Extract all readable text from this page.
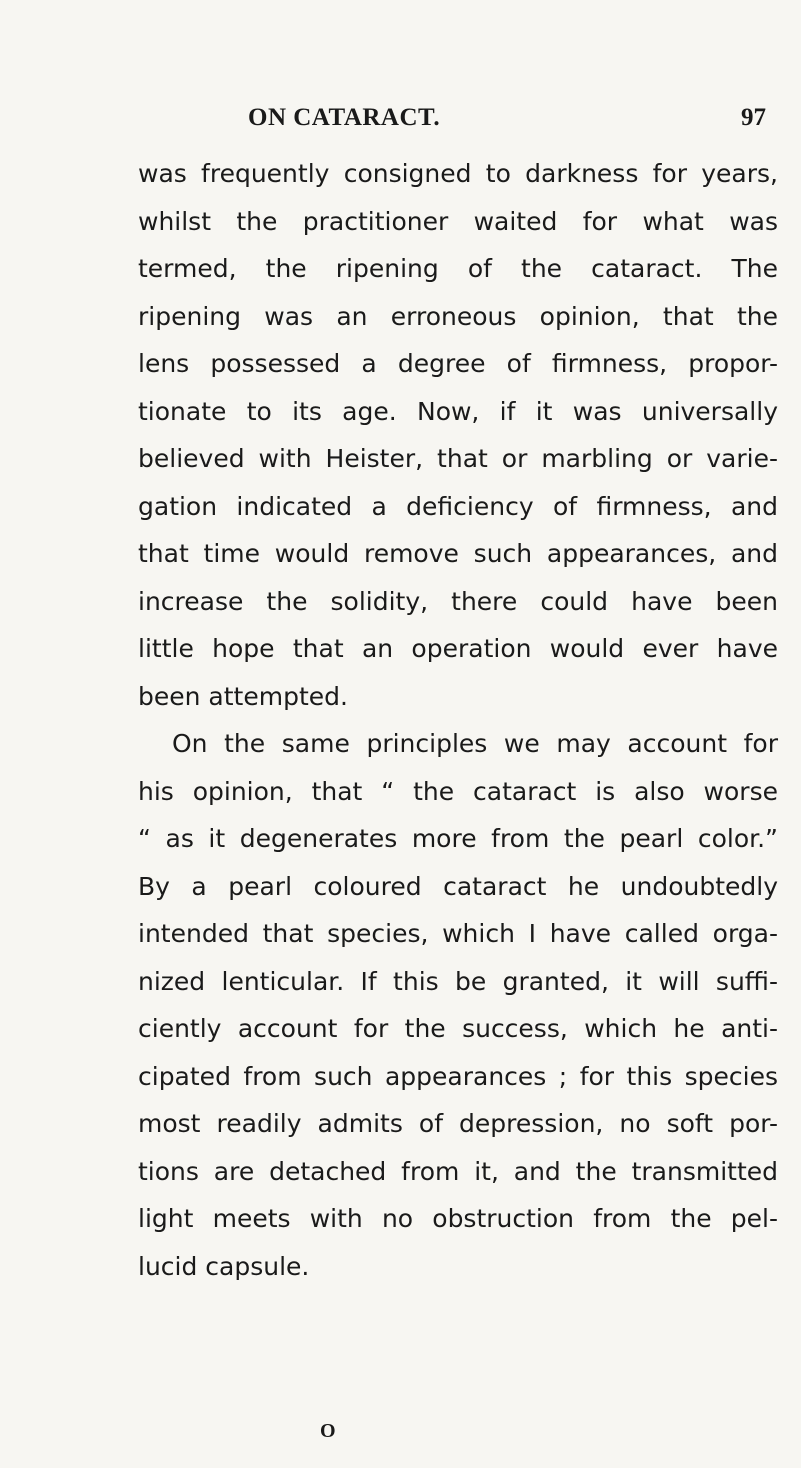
ON CATARACT.	97
was frequently consigned to darkness for years,
whilst the practitioner waited for what was
termed, the ripening of the cataract. The
ripening was an erroneous opinion, that the
lens possessed a degree of firmness, propor-
tionate to its age. Now, if it was universally
believed with Heister, that or marbling or varie-
gation indicated a deficiency of firmness, and
that time would remove such appearances, and
increase the solidity, there could have been
little hope that an operation would ever have
been attempted.
On the same principles we may account for
his opinion, that “ the cataract is also worse
“ as it degenerates more from the pearl color.”
By a pearl coloured cataract he undoubtedly
intended that species, which I have called orga-
nized lenticular. If this be granted, it will suffi-
ciently account for the success, which he anti-
cipated from such appearances ; for this species
most readily admits of depression, no soft por-
tions are detached from it, and the transmitted
light meets with no obstruction from the pel-
lucid capsule.
O
